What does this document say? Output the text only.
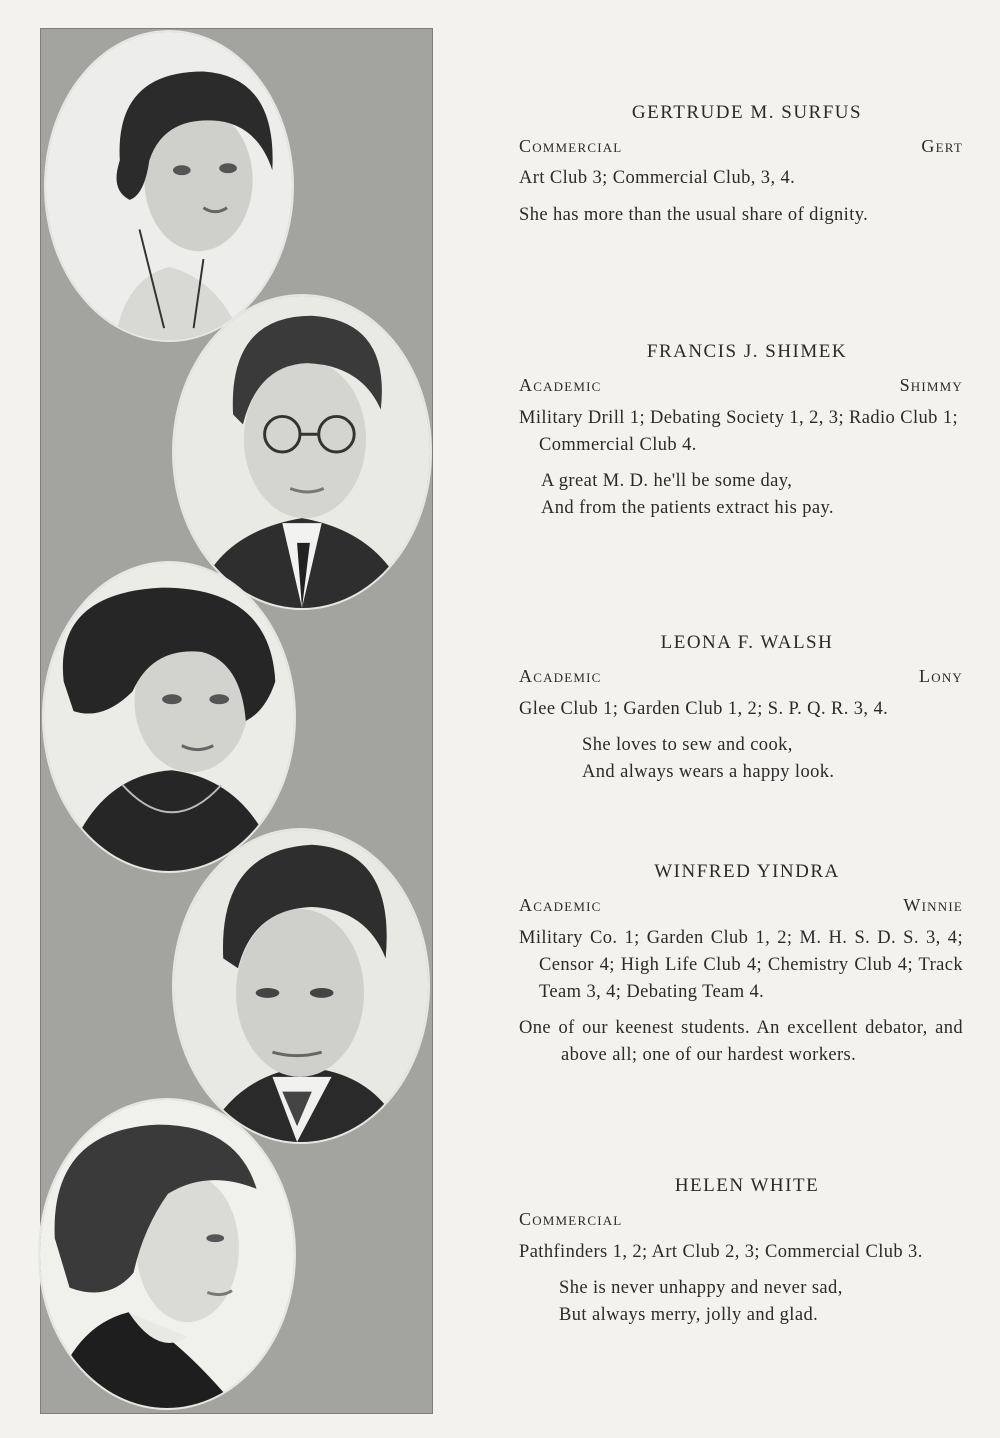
GERTRUDE M. SURFUS

Commercial	Gert
Art Club 3; Commercial Club, 3, 4.
She has more than the usual share of dignity.

FRANCIS J. SHIMEK

Academic	Shimmy
Military Drill 1; Debating Society 1, 2, 3; Radio Club 1; Commercial Club 4.
A great M. D. he'll be some day,
And from the patients extract his pay.

LEONA F. WALSH

Academic	Lony
Glee Club 1; Garden Club 1, 2; S. P. Q. R. 3, 4.
She loves to sew and cook,
And always wears a happy look.

WINFRED YINDRA

Academic	Winnie
Military Co. 1; Garden Club 1, 2; M. H. S. D. S. 3, 4; Censor 4; High Life Club 4; Chemistry Club 4; Track Team 3, 4; Debating Team 4.
One of our keenest students. An excellent debator, and above all; one of our hardest workers.

HELEN WHITE

Commercial
Pathfinders 1, 2; Art Club 2, 3; Commercial Club 3.
She is never unhappy and never sad,
But always merry, jolly and glad.
